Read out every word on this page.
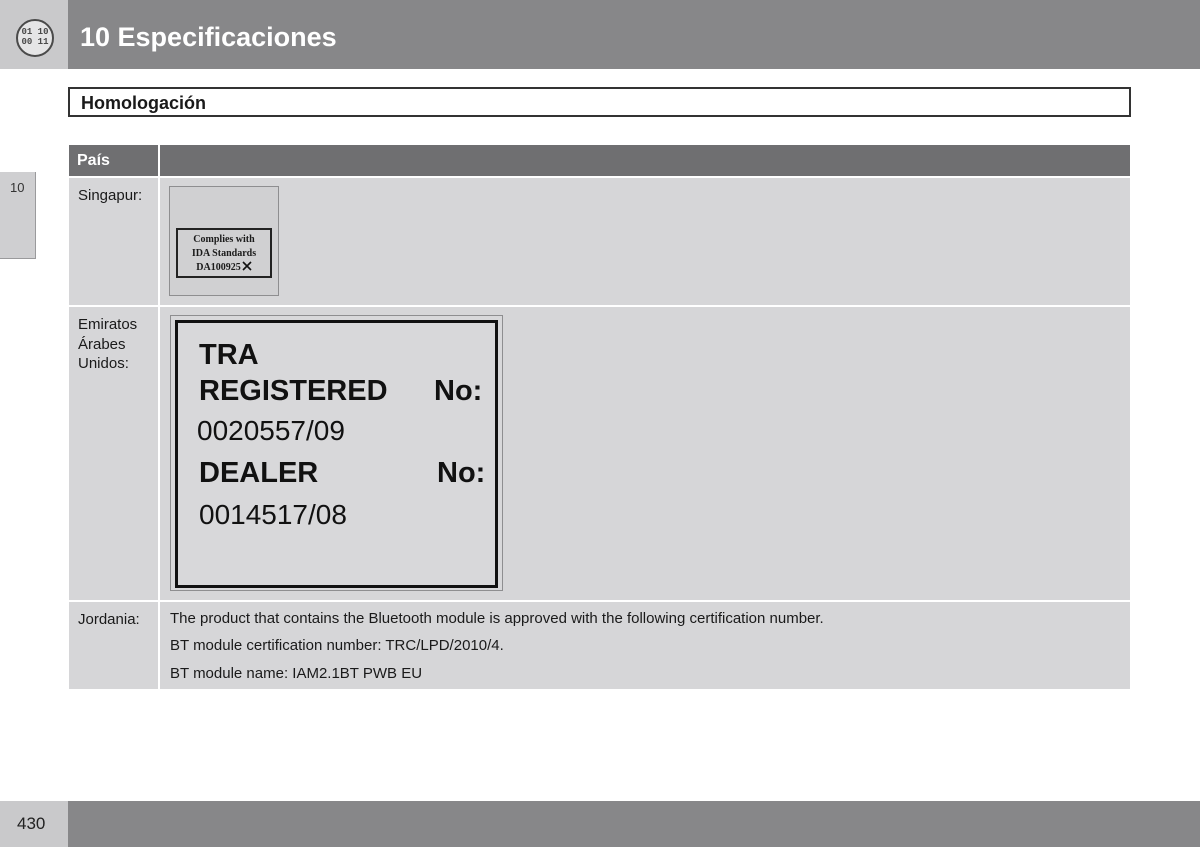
01 10
00 11 10 Especificaciones
10
Homologación
País
Singapur:
Complies with
IDA Standards
DA100925
Emiratos Árabes Unidos:	TRA
REGISTERED No:
0020557/09
DEALER	No:
0014517/08
Jordania:	The product that contains the Bluetooth module is approved with the following certification number.
BT module certification number: TRC/LPD/2010/4.
BT module name: IAM2.1BT PWB EU
430
